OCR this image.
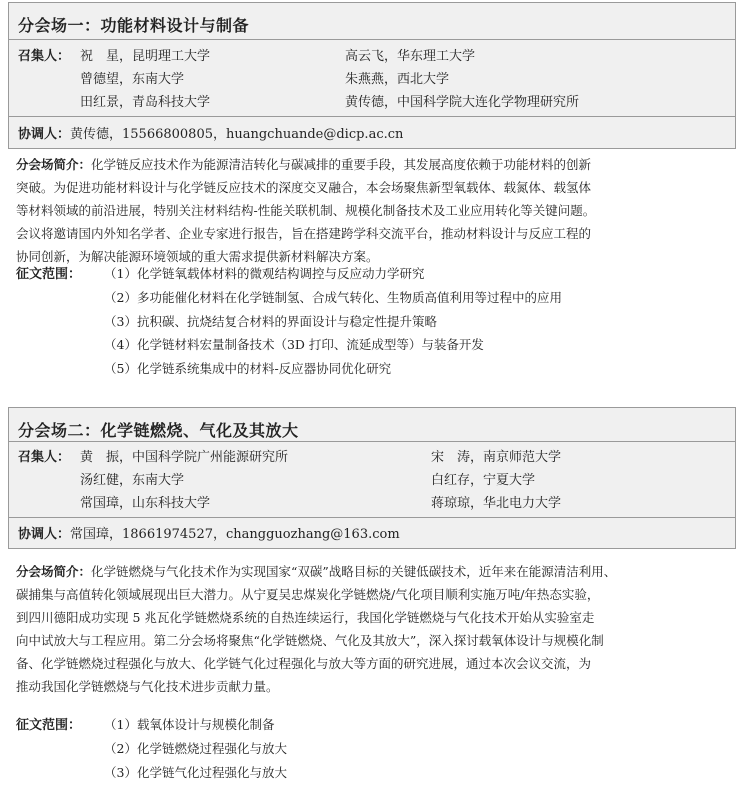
分会场一：功能材料设计与制备
召集人： 祝　星，昆明理工大学
曾德望，东南大学
田红景，青岛科技大学
高云飞，华东理工大学
朱燕燕，西北大学
黄传德，中国科学院大连化学物理研究所
协调人：黄传德，15566800805，huangchuande@dicp.ac.cn
分会场简介：化学链反应技术作为能源清洁转化与碳减排的重要手段，其发展高度依赖于功能材料的创新
突破。为促进功能材料设计与化学链反应技术的深度交叉融合，本会场聚焦新型氧载体、载氮体、载氢体
等材料领域的前沿进展，特别关注材料结构-性能关联机制、规模化制备技术及工业应用转化等关键问题。
会议将邀请国内外知名学者、企业专家进行报告，旨在搭建跨学科交流平台，推动材料设计与反应工程的
协同创新，为解决能源环境领域的重大需求提供新材料解决方案。
征文范围： （1）化学链氧载体材料的微观结构调控与反应动力学研究
（2）多功能催化材料在化学链制氢、合成气转化、生物质高值利用等过程中的应用
（3）抗积碳、抗烧结复合材料的界面设计与稳定性提升策略
（4）化学链材料宏量制备技术（3D 打印、流延成型等）与装备开发
（5）化学链系统集成中的材料-反应器协同优化研究
分会场二：化学链燃烧、气化及其放大
召集人： 黄　振，中国科学院广州能源研究所
汤红健，东南大学
常国璋，山东科技大学
宋　涛，南京师范大学
白红存，宁夏大学
蒋琼琼，华北电力大学
协调人：常国璋，18661974527，changguozhang@163.com
分会场简介：化学链燃烧与气化技术作为实现国家“双碳”战略目标的关键低碳技术，近年来在能源清洁利用、
碳捕集与高值转化领域展现出巨大潜力。从宁夏吴忠煤炭化学链燃烧/气化项目顺利实施万吨/年热态实验，
到四川德阳成功实现 5 兆瓦化学链燃烧系统的自热连续运行，我国化学链燃烧与气化技术开始从实验室走
向中试放大与工程应用。第二分会场将聚焦“化学链燃烧、气化及其放大”，深入探讨载氧体设计与规模化制
备、化学链燃烧过程强化与放大、化学链气化过程强化与放大等方面的研究进展，通过本次会议交流，为
推动我国化学链燃烧与气化技术进步贡献力量。
征文范围： （1）载氧体设计与规模化制备
（2）化学链燃烧过程强化与放大
（3）化学链气化过程强化与放大
